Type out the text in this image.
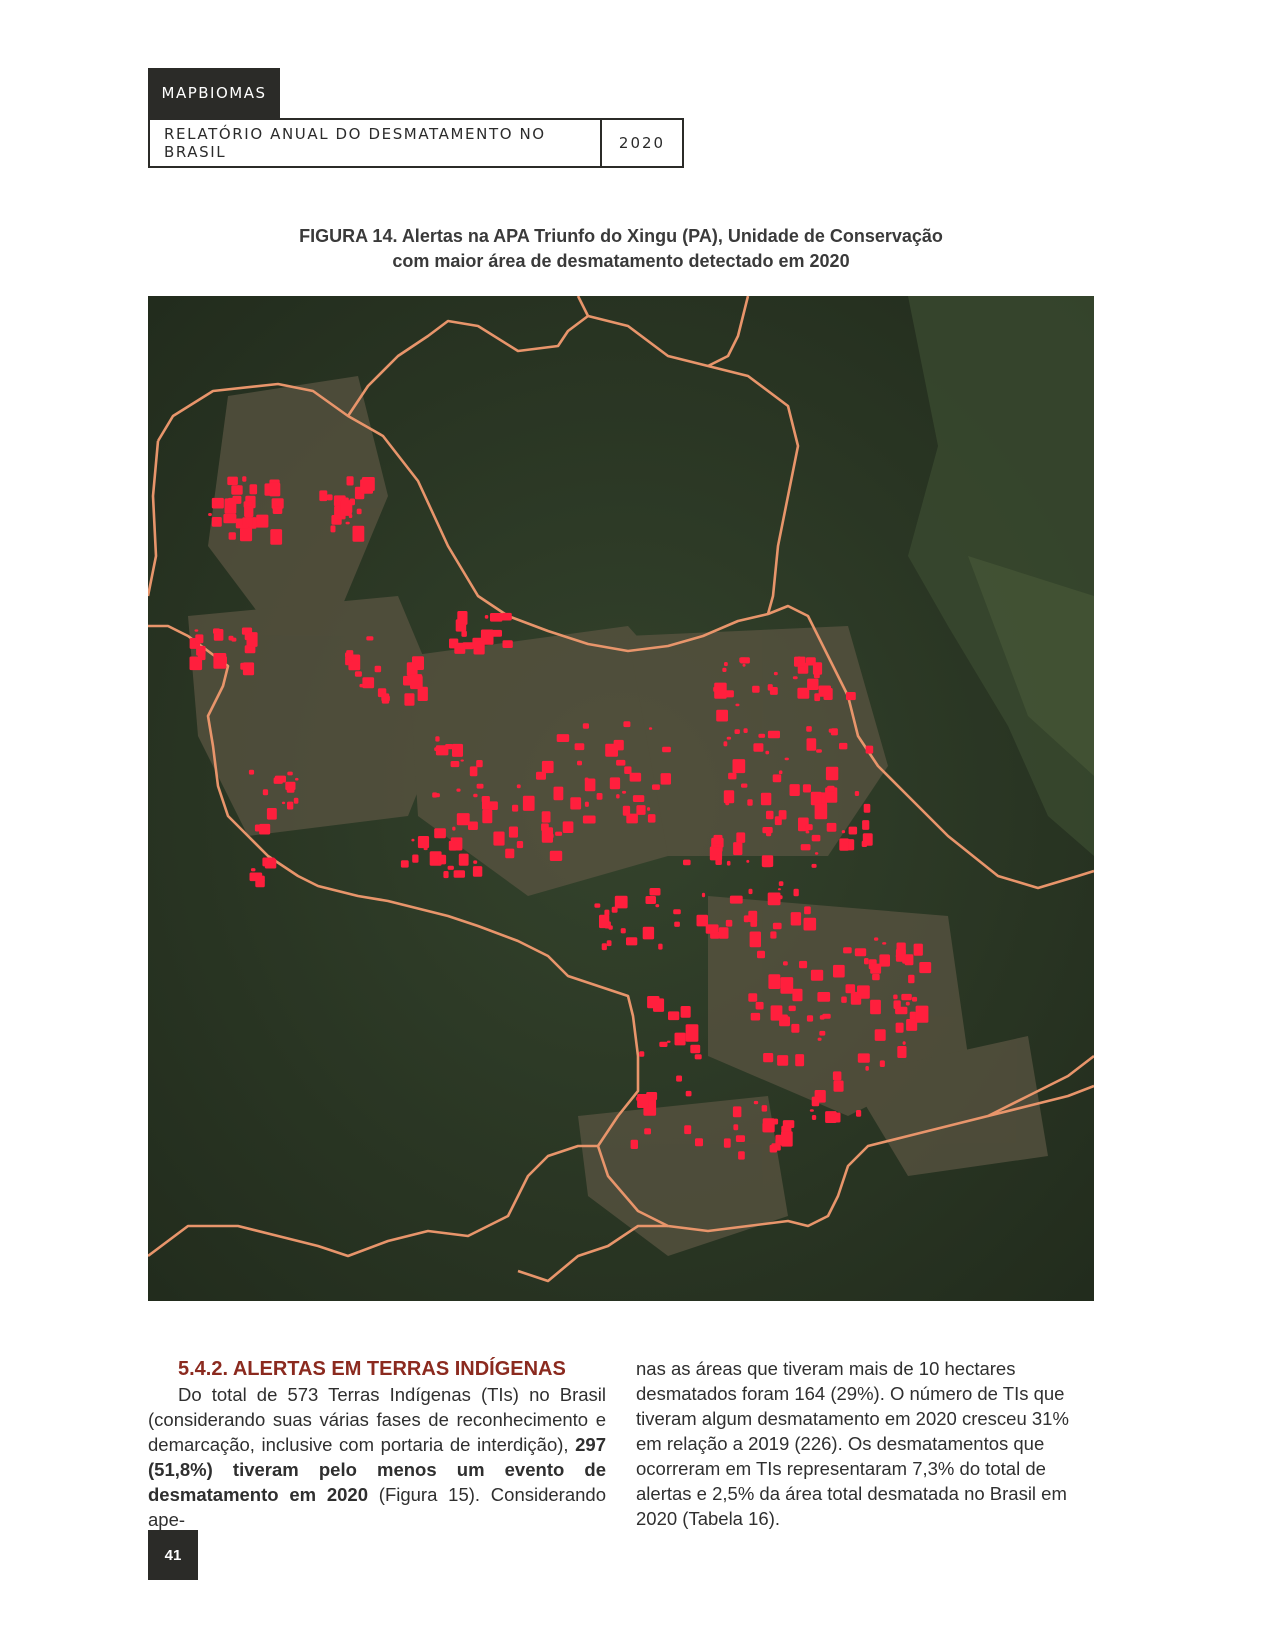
MAPBIOMAS
RELATÓRIO ANUAL DO DESMATAMENTO NO BRASIL	2020
FIGURA 14. Alertas na APA Triunfo do Xingu (PA), Unidade de Conservação
com maior área de desmatamento detectado em 2020
5.4.2. ALERTAS EM TERRAS INDÍGENAS
Do total de 573 Terras Indígenas (TIs) no Brasil (considerando suas várias fases de reconhecimento e demarcação, inclusive com portaria de interdição), 297 (51,8%) tiveram pelo menos um evento de desmatamento em 2020 (Figura 15). Considerando ape-
nas as áreas que tiveram mais de 10 hectares desmatados foram 164 (29%). O número de TIs que tiveram algum desmatamento em 2020 cresceu 31% em relação a 2019 (226). Os desmatamentos que ocorreram em TIs representaram 7,3% do total de alertas e 2,5% da área total desmatada no Brasil em 2020 (Tabela 16).
41
